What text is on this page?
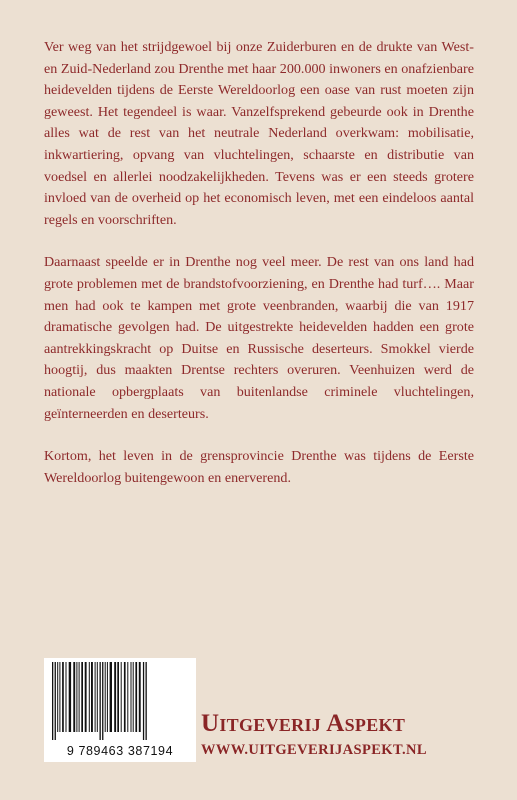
Ver weg van het strijdgewoel bij onze Zuiderburen en de drukte van West- en Zuid-Nederland zou Drenthe met haar 200.000 inwoners en onafzienbare heidevelden tijdens de Eerste Wereldoorlog een oase van rust moeten zijn geweest. Het tegendeel is waar. Vanzelfsprekend gebeurde ook in Drenthe alles wat de rest van het neutrale Nederland overkwam: mobilisatie, inkwartiering, opvang van vluchtelingen, schaarste en distributie van voedsel en allerlei noodzakelijkheden. Tevens was er een steeds grotere invloed van de overheid op het economisch leven, met een eindeloos aantal regels en voorschriften.

Daarnaast speelde er in Drenthe nog veel meer. De rest van ons land had grote problemen met de brandstofvoorziening, en Drenthe had turf…. Maar men had ook te kampen met grote veenbranden, waarbij die van 1917 dramatische gevolgen had. De uitgestrekte heidevelden hadden een grote aantrekkingskracht op Duitse en Russische deserteurs. Smokkel vierde hoogtij, dus maakten Drentse rechters overuren. Veenhuizen werd de nationale opbergplaats van buitenlandse criminele vluchtelingen, geïnterneerden en deserteurs.

Kortom, het leven in de grensprovincie Drenthe was tijdens de Eerste Wereldoorlog buitengewoon en enerverend.

9 789463 387194
Uitgeverij Aspekt
WWW.UITGEVERIJASPEKT.NL
